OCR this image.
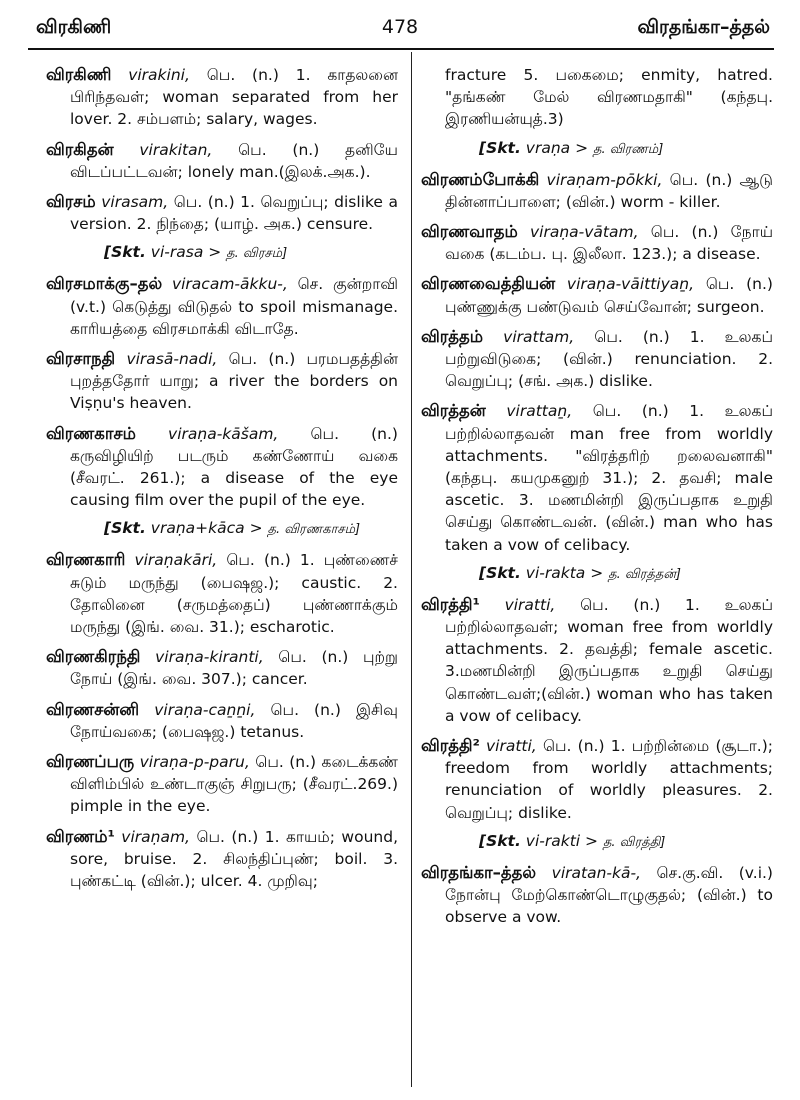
விரகிணி	478	விரதங்கா–த்தல்

விரகிணி virakini, பெ. (n.) 1. காதலனை பிரிந்தவள்; woman separated from her lover. 2. சம்பளம்; salary, wages.

விரகிதன் virakitan, பெ. (n.) தனியே விடப்பட்டவன்; lonely man.(இலக்.அக.).

விரசம் virasam, பெ. (n.) 1. வெறுப்பு; dislike a version. 2. நிந்தை; (யாழ். அக.) censure.

[Skt. vi-rasa > த. விரசம்]

விரசமாக்கு–தல் viracam-ākku-, செ. குன்றாவி (v.t.) கெடுத்து விடுதல் to spoil mismanage. காரியத்தை விரசமாக்கி விடாதே.

விரசாநதி virasā-nadi, பெ. (n.) பரமபதத்தின் புறத்ததோர் யாறு; a river the borders on Viṣṇu's heaven.

விரணகாசம் viraṇa-kāšam, பெ. (n.) கருவிழியிற் படரும் கண்ணோய் வகை (சீவரட். 261.); a disease of the eye causing film over the pupil of the eye.

[Skt. vraṇa+kāca > த. விரணகாசம்]

விரணகாரி viraṇakāri, பெ. (n.) 1. புண்ணைச் சுடும் மருந்து (பைஷஜ.); caustic. 2. தோலினை (சருமத்தைப்) புண்ணாக்கும் மருந்து (இங். வை. 31.); escharotic.

விரணகிரந்தி viraṇa-kiranti, பெ. (n.) புற்று நோய் (இங். வை. 307.); cancer.

விரணசன்னி viraṇa-caṉṉi, பெ. (n.) இசிவு நோய்வகை; (பைஷஜ.) tetanus.

விரணப்பரு viraṇa-p-paru, பெ. (n.) கடைக்கண் விளிம்பில் உண்டாகுஞ் சிறுபரு; (சீவரட்.269.) pimple in the eye.

விரணம்¹ viraṇam, பெ. (n.) 1. காயம்; wound, sore, bruise. 2. சிலந்திப்புண்; boil. 3. புண்கட்டி (வின்.); ulcer. 4. முறிவு;

fracture 5. பகைமை; enmity, hatred. "தங்கண் மேல் விரணமதாகி" (கந்தபு. இரணியன்யுத்.3)

[Skt. vraṇa > த. விரணம்]

விரணம்போக்கி viraṇam-pōkki, பெ. (n.) ஆடு தின்னாப்பாளை; (வின்.) worm - killer.

விரணவாதம் viraṇa-vātam, பெ. (n.) நோய் வகை (கடம்ப. பு. இலீலா. 123.); a disease.

விரணவைத்தியன் viraṇa-vāittiyaṉ, பெ. (n.) புண்ணுக்கு பண்டுவம் செய்வோன்; surgeon.

விரத்தம் virattam, பெ. (n.) 1. உலகப் பற்றுவிடுகை; (வின்.) renunciation. 2. வெறுப்பு; (சங். அக.) dislike.

விரத்தன் virattaṉ, பெ. (n.) 1. உலகப் பற்றில்லாதவன் man free from worldly attachments. "விரத்தரிற் றலைவனாகி" (கந்தபு. கயமுகனுற் 31.); 2. தவசி; male ascetic. 3. மணமின்றி இருப்பதாக உறுதி செய்து கொண்டவன். (வின்.) man who has taken a vow of celibacy.

[Skt. vi-rakta > த. விரத்தன்]

விரத்தி¹ viratti, பெ. (n.) 1. உலகப் பற்றில்லாதவள்; woman free from worldly attachments. 2. தவத்தி; female ascetic. 3.மணமின்றி இருப்பதாக உறுதி செய்து கொண்டவள்;(வின்.) woman who has taken a vow of celibacy.

விரத்தி² viratti, பெ. (n.) 1. பற்றின்மை (சூடா.); freedom from worldly attachments; renunciation of worldly pleasures. 2. வெறுப்பு; dislike.

[Skt. vi-rakti > த. விரத்தி]

விரதங்கா–த்தல் viratan-kā-, செ.கு.வி. (v.i.) நோன்பு மேற்கொண்டொழுகுதல்; (வின்.) to observe a vow.
